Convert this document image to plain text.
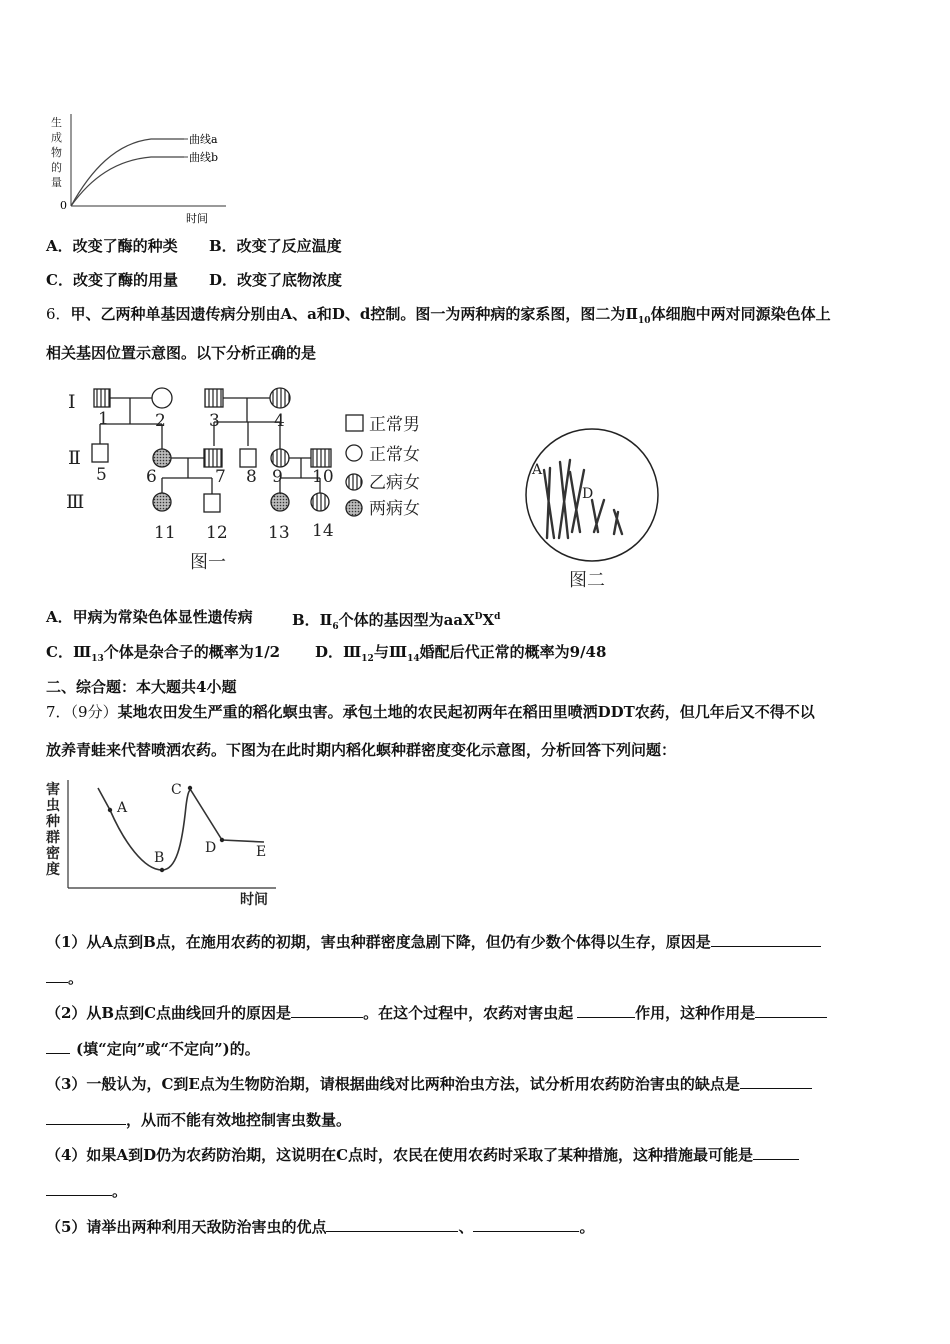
生
成
物
的
量
0
时间
曲线a
曲线b
A．改变了酶的种类 B．改变了反应温度
C．改变了酶的用量 D．改变了底物浓度
6．甲、乙两种单基因遗传病分别由A、a和D、d控制。图一为两种病的家系图，图二为$Ⅱ_{10}$体细胞中两对同源染色体上
相关基因位置示意图。以下分析正确的是
Ⅰ
Ⅱ
Ⅲ
1	2	3	4
5 6	7 8 9 10
11 12 13 14
正常男
正常女
乙病女
两病女
图一
A
D
图二
A．甲病为常染色体显性遗传病	B．$Ⅱ_6$个体的基因型为$aaX^DX^d$
C．$Ⅲ_{13}$个体是杂合子的概率为1/2 D．$Ⅲ_{12}$与$Ⅲ_{14}$婚配后代正常的概率为9/48
二、综合题：本大题共4小题
7．（9分）某地农田发生严重的稻化螟虫害。承包土地的农民起初两年在稻田里喷洒DDT农药，但几年后又不得不以
放养青蛙来代替喷洒农药。下图为在此时期内稻化螟种群密度变化示意图，分析回答下列问题：
害
虫
种
群
密
度
A
B
C
D	E
时间
（1）从A点到B点，在施用农药的初期，害虫种群密度急剧下降，但仍有少数个体得以生存，原因是
。
（2）从B点到C点曲线回升的原因是	。在这个过程中，农药对害虫起	作用，这种作用是
(填“定向”或“不定向”)的。
（3）一般认为，C到E点为生物防治期，请根据曲线对比两种治虫方法，试分析用农药防治害虫的缺点是
，从而不能有效地控制害虫数量。
（4）如果A到D仍为农药防治期，这说明在C点时，农民在使用农药时采取了某种措施，这种措施最可能是
。
（5）请举出两种利用天敌防治害虫的优点	、	。
